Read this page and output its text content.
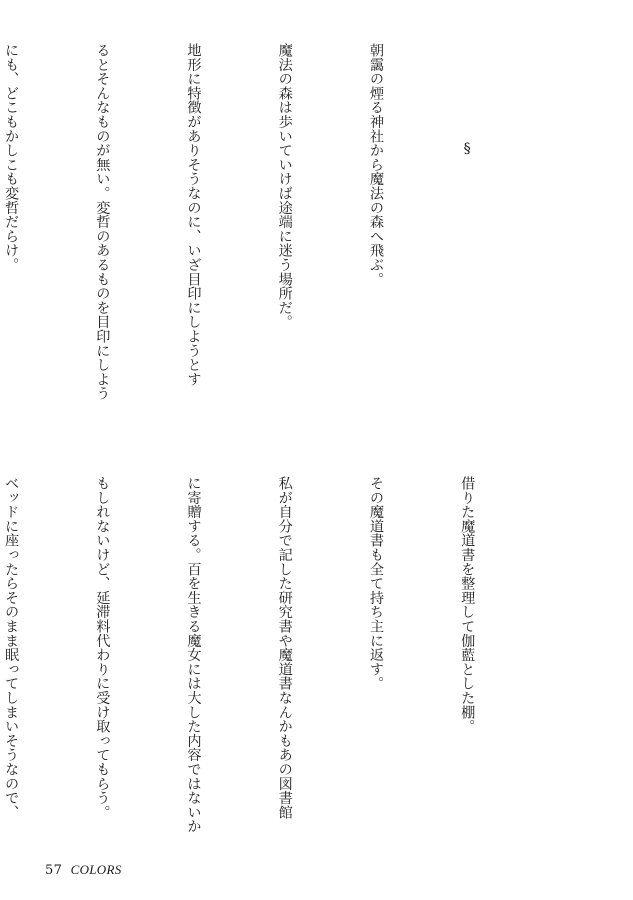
§

朝靄の煙る神社から魔法の森へ飛ぶ。

魔法の森は歩いていけば途端に迷う場所だ。

地形に特徴がありそうなのに、いざ目印にしようとす

るとそんなものが無い。変哲のあるものを目印にしよう

にも、どこもかしこも変哲だらけ。

借りた魔道書を整理して伽藍とした棚。

その魔道書も全て持ち主に返す。

私が自分で記した研究書や魔道書なんかもあの図書館

に寄贈する。百を生きる魔女には大した内容ではないか

もしれないけど、延滞料代わりに受け取ってもらう。

ベッドに座ったらそのまま眠ってしまいそうなので、

57 COLORS
